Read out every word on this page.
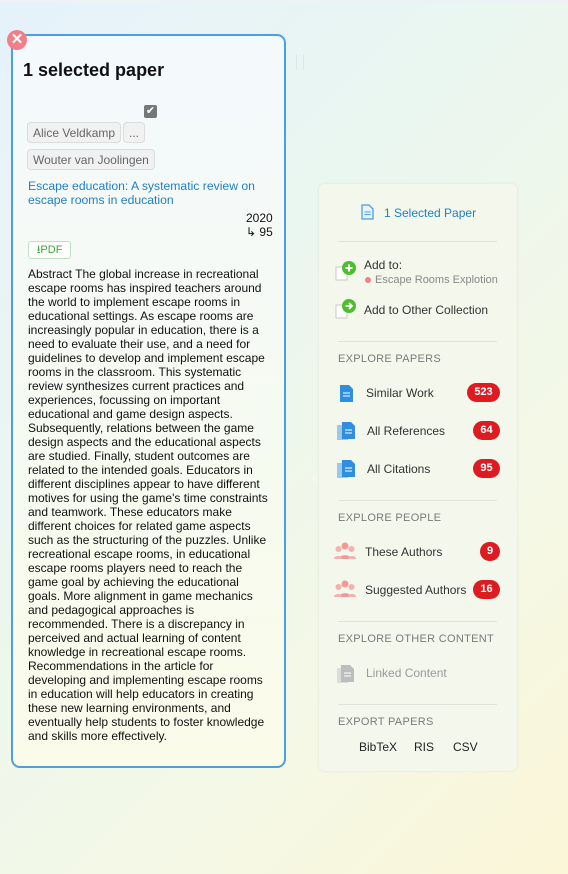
1 selected paper
✔
Alice Veldkamp	...
Wouter van Joolingen
Escape education: A systematic review on escape rooms in education
2020
↳ 95
⭳PDF
Abstract The global increase in recreational escape rooms has inspired teachers around the world to implement escape rooms in educational settings. As escape rooms are increasingly popular in education, there is a need to evaluate their use, and a need for guidelines to develop and implement escape rooms in the classroom. This systematic review synthesizes current practices and experiences, focussing on important educational and game design aspects. Subsequently, relations between the game design aspects and the educational aspects are studied. Finally, student outcomes are related to the intended goals. Educators in different disciplines appear to have different motives for using the game's time constraints and teamwork. These educators make different choices for related game aspects such as the structuring of the puzzles. Unlike recreational escape rooms, in educational escape rooms players need to reach the game goal by achieving the educational goals. More alignment in game mechanics and pedagogical approaches is recommended. There is a discrepancy in perceived and actual learning of content knowledge in recreational escape rooms. Recommendations in the article for developing and implementing escape rooms in education will help educators in creating these new learning environments, and eventually help students to foster knowledge and skills more effectively.
✕
1 Selected Paper
Add to:
Escape Rooms Explotion
Add to Other Collection
EXPLORE PAPERS
Similar Work	523
All References	64
All Citations	95
EXPLORE PEOPLE
These Authors	9
Suggested Authors	16
EXPLORE OTHER CONTENT
Linked Content
EXPORT PAPERS
BibTeX RIS CSV
